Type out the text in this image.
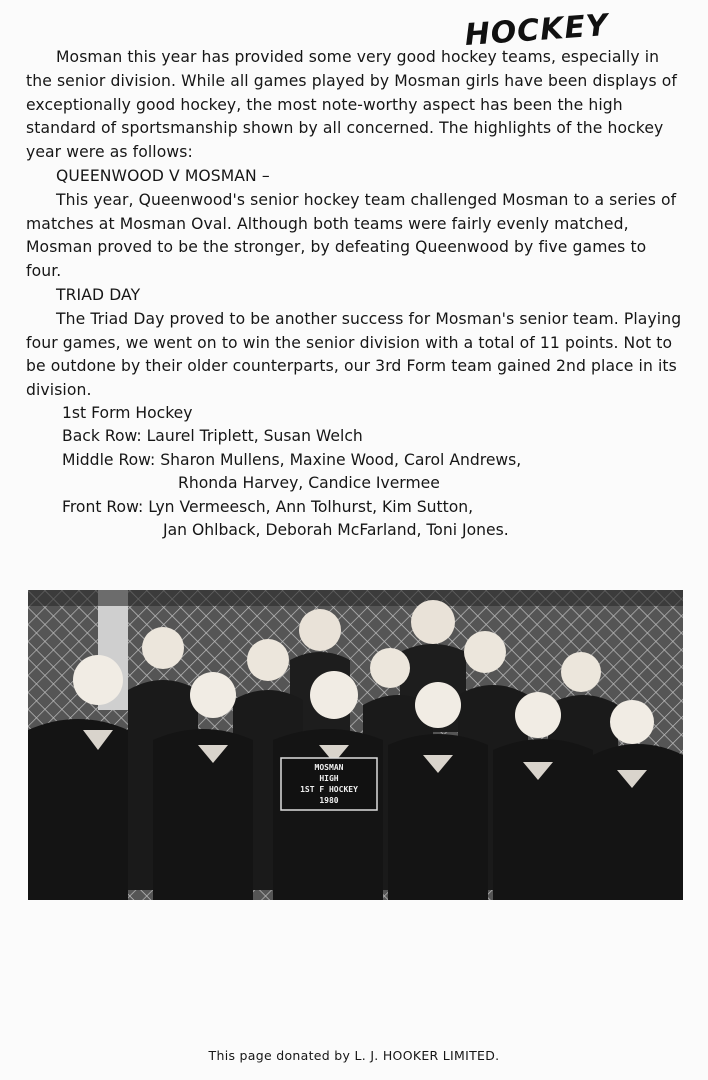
HOCKEY

Mosman this year has provided some very good hockey teams, especially in the senior division. While all games played by Mosman girls have been displays of exceptionally good hockey, the most note-worthy aspect has been the high standard of sportsmanship shown by all concerned. The highlights of the hockey year were as follows:

QUEENWOOD V MOSMAN –

This year, Queenwood's senior hockey team challenged Mosman to a series of matches at Mosman Oval. Although both teams were fairly evenly matched, Mosman proved to be the stronger, by defeating Queenwood by five games to four.

TRIAD DAY

The Triad Day proved to be another success for Mosman's senior team. Playing four games, we went on to win the senior division with a total of 11 points. Not to be outdone by their older counterparts, our 3rd Form team gained 2nd place in its division.

1st Form Hockey
Back Row: Laurel Triplett, Susan Welch
Middle Row: Sharon Mullens, Maxine Wood, Carol Andrews,
Rhonda Harvey, Candice Ivermee
Front Row: Lyn Vermeesch, Ann Tolhurst, Kim Sutton,
Jan Ohlback, Deborah McFarland, Toni Jones.
MOSMAN
HIGH
1ST F HOCKEY
1980
This page donated by L. J. HOOKER LIMITED.
